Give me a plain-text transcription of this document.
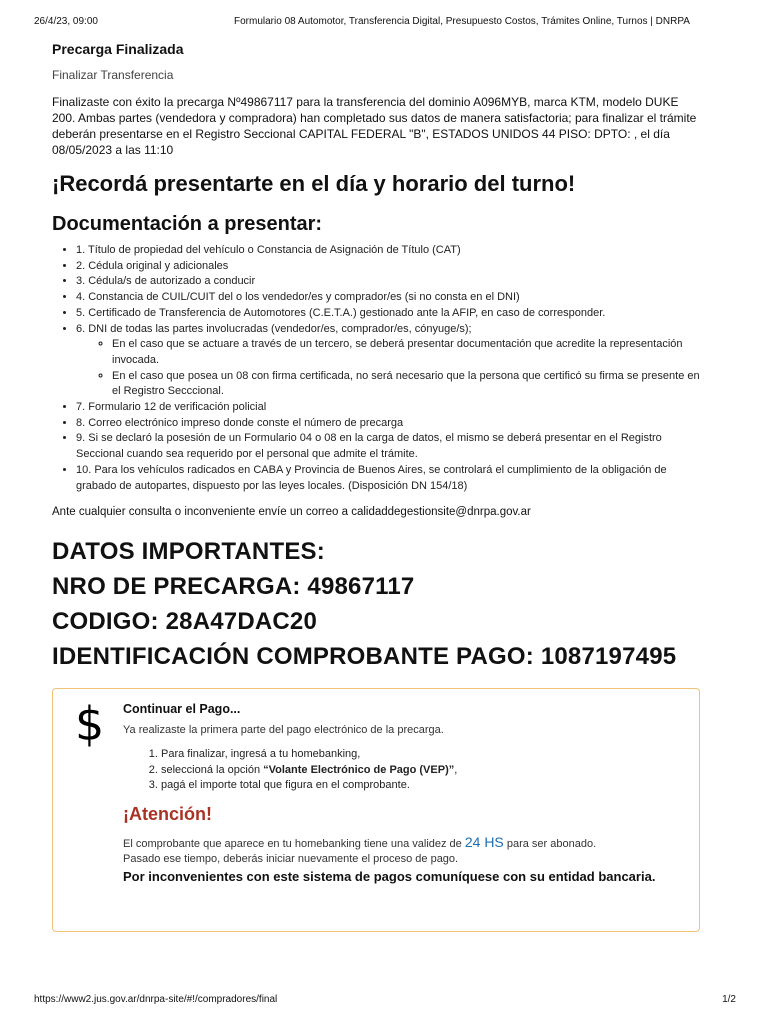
26/4/23, 09:00	Formulario 08 Automotor, Transferencia Digital, Presupuesto Costos, Trámites Online, Turnos | DNRPA
Precarga Finalizada
Finalizar Transferencia
Finalizaste con éxito la precarga Nº49867117 para la transferencia del dominio A096MYB, marca KTM, modelo DUKE 200. Ambas partes (vendedora y compradora) han completado sus datos de manera satisfactoria; para finalizar el trámite deberán presentarse en el Registro Seccional CAPITAL FEDERAL "B", ESTADOS UNIDOS 44 PISO: DPTO: , el día 08/05/2023 a las 11:10
¡Recordá presentarte en el día y horario del turno!
Documentación a presentar:
• 1. Título de propiedad del vehículo o Constancia de Asignación de Título (CAT)
• 2. Cédula original y adicionales
• 3. Cédula/s de autorizado a conducir
• 4. Constancia de CUIL/CUIT del o los vendedor/es y comprador/es (si no consta en el DNI)
• 5. Certificado de Transferencia de Automotores (C.E.T.A.) gestionado ante la AFIP, en caso de corresponder.
• 6. DNI de todas las partes involucradas (vendedor/es, comprador/es, cónyuge/s);
◦ En el caso que se actuare a través de un tercero, se deberá presentar documentación que acredite la representación invocada.
◦ En el caso que posea un 08 con firma certificada, no será necesario que la persona que certificó su firma se presente en el Registro Secccional.
• 7. Formulario 12 de verificación policial
• 8. Correo electrónico impreso donde conste el número de precarga
• 9. Si se declaró la posesión de un Formulario 04 o 08 en la carga de datos, el mismo se deberá presentar en el Registro Seccional cuando sea requerido por el personal que admite el trámite.
• 10. Para los vehículos radicados en CABA y Provincia de Buenos Aires, se controlará el cumplimiento de la obligación de grabado de autopartes, dispuesto por las leyes locales. (Disposición DN 154/18)
Ante cualquier consulta o inconveniente envíe un correo a calidaddegestionsite@dnrpa.gov.ar
DATOS IMPORTANTES:
NRO DE PRECARGA: 49867117
CODIGO: 28A47DAC20
IDENTIFICACIÓN COMPROBANTE PAGO: 1087197495
$ Continuar el Pago...
Ya realizaste la primera parte del pago electrónico de la precarga.
1. Para finalizar, ingresá a tu homebanking,
2. seleccioná la opción “Volante Electrónico de Pago (VEP)”,
3. pagá el importe total que figura en el comprobante.
¡Atención!
El comprobante que aparece en tu homebanking tiene una validez de 24 HS para ser abonado.
Pasado ese tiempo, deberás iniciar nuevamente el proceso de pago.
Por inconvenientes con este sistema de pagos comuníquese con su entidad bancaria.
https://www2.jus.gov.ar/dnrpa-site/#!/compradores/final	1/2
